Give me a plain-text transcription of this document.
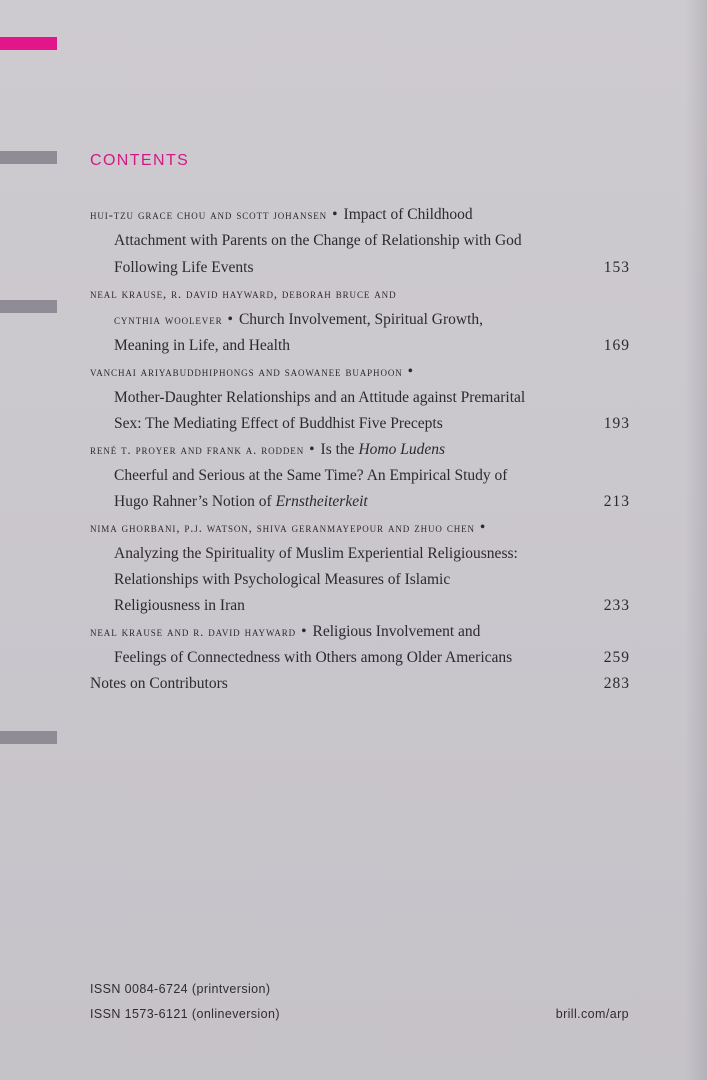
CONTENTS
hui-tzu grace chou and scott johansen • Impact of Childhood
Attachment with Parents on the Change of Relationship with God
Following Life Events	153
neal krause, r. david hayward, deborah bruce and
cynthia woolever • Church Involvement, Spiritual Growth,
Meaning in Life, and Health	169
vanchai ariyabuddhiphongs and saowanee buaphoon •
Mother-Daughter Relationships and an Attitude against Premarital
Sex: The Mediating Effect of Buddhist Five Precepts	193
rené t. proyer and frank a. rodden • Is the Homo Ludens
Cheerful and Serious at the Same Time? An Empirical Study of
Hugo Rahner’s Notion of Ernstheiterkeit	213
nima ghorbani, p.j. watson, shiva geranmayepour and zhuo chen •
Analyzing the Spirituality of Muslim Experiential Religiousness:
Relationships with Psychological Measures of Islamic
Religiousness in Iran	233
neal krause and r. david hayward • Religious Involvement and
Feelings of Connectedness with Others among Older Americans	259
Notes on Contributors	283
ISSN 0084-6724 (printversion)
ISSN 1573-6121 (onlineversion)	brill.com/arp
